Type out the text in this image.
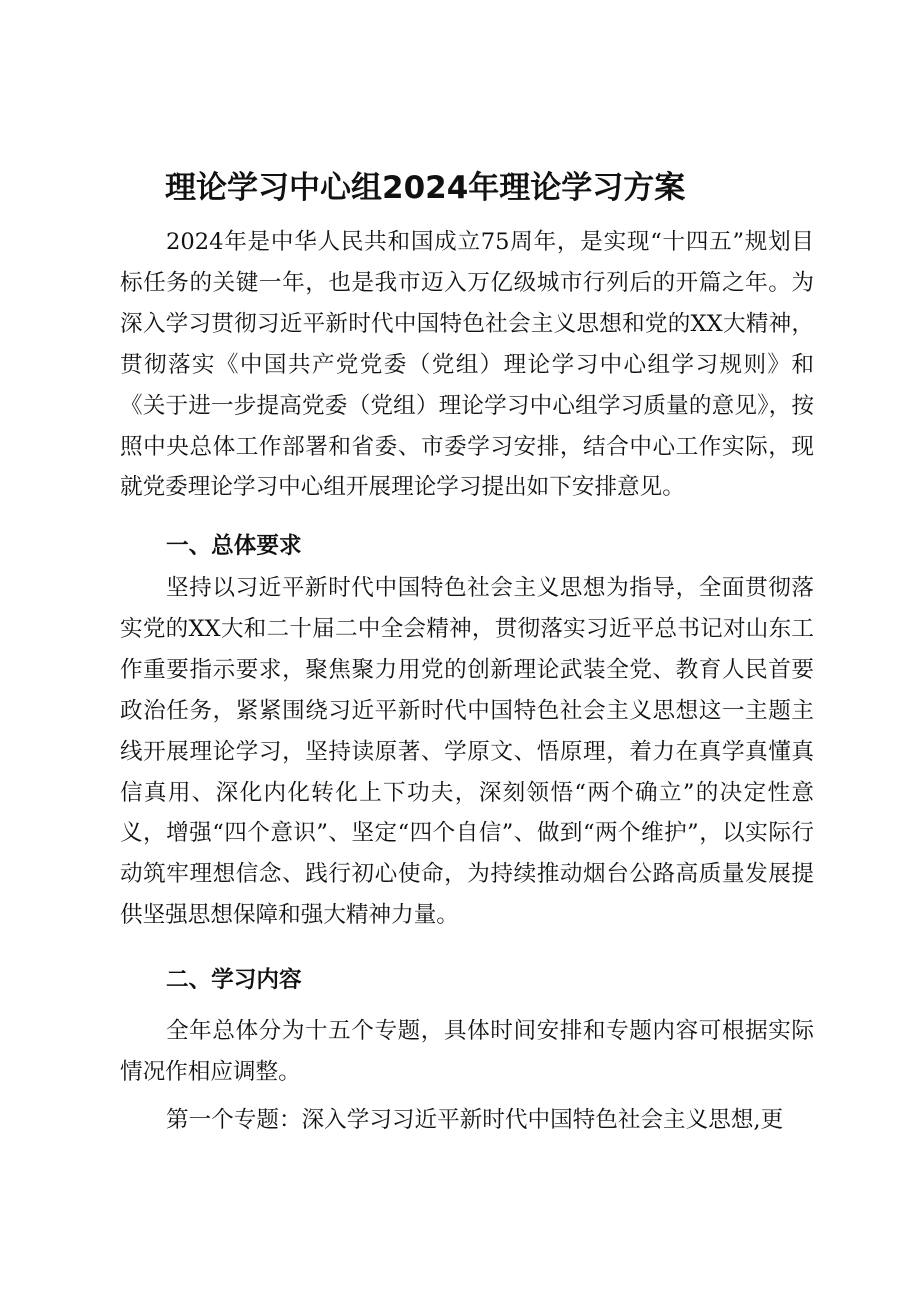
理论学习中心组2024年理论学习方案

2024年是中华人民共和国成立75周年，是实现“十四五”规划目标任务的关键一年，也是我市迈入万亿级城市行列后的开篇之年。为深入学习贯彻习近平新时代中国特色社会主义思想和党的XX大精神，贯彻落实《中国共产党党委（党组）理论学习中心组学习规则》和《关于进一步提高党委（党组）理论学习中心组学习质量的意见》，按照中央总体工作部署和省委、市委学习安排，结合中心工作实际，现就党委理论学习中心组开展理论学习提出如下安排意见。

一、总体要求

坚持以习近平新时代中国特色社会主义思想为指导，全面贯彻落实党的XX大和二十届二中全会精神，贯彻落实习近平总书记对山东工作重要指示要求，聚焦聚力用党的创新理论武装全党、教育人民首要政治任务，紧紧围绕习近平新时代中国特色社会主义思想这一主题主线开展理论学习，坚持读原著、学原文、悟原理，着力在真学真懂真信真用、深化内化转化上下功夫，深刻领悟“两个确立”的决定性意义，增强“四个意识”、坚定“四个自信”、做到“两个维护”，以实际行动筑牢理想信念、践行初心使命，为持续推动烟台公路高质量发展提供坚强思想保障和强大精神力量。

二、学习内容

全年总体分为十五个专题，具体时间安排和专题内容可根据实际情况作相应调整。

第一个专题：深入学习习近平新时代中国特色社会主义思想,更
